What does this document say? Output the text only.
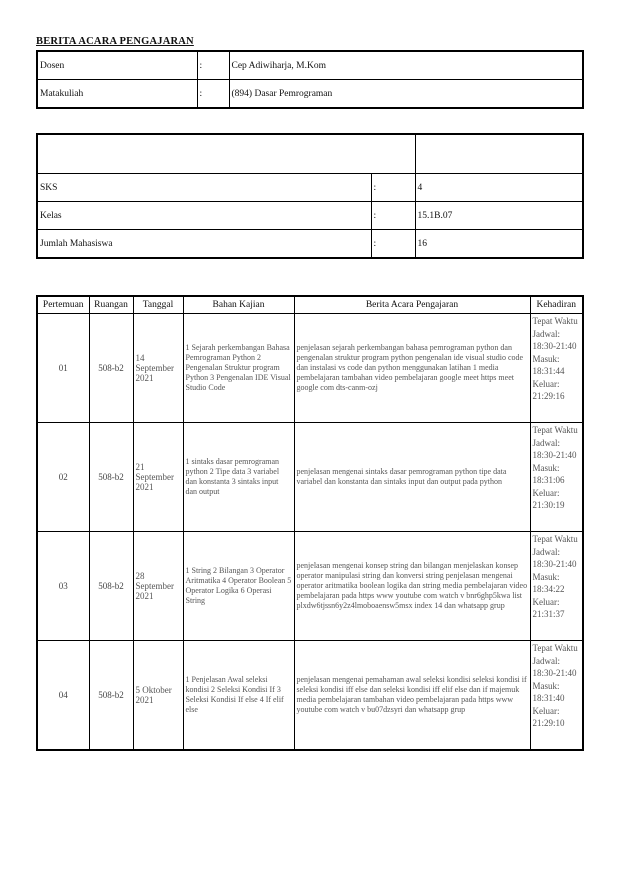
BERITA ACARA PENGAJARAN
Dosen	:	Cep Adiwiharja, M.Kom
Matakuliah	:	(894) Dasar Pemrograman

SKS	:	4
Kelas	:	15.1B.07
Jumlah Mahasiswa	:	16
Pertemuan	Ruangan	Tanggal	Bahan Kajian	Berita Acara Pengajaran	Kehadiran
01	508-b2	14 September 2021	1 Sejarah perkembangan Bahasa Pemrograman Python 2 Pengenalan Struktur program Python 3 Pengenalan IDE Visual Studio Code	penjelasan sejarah perkembangan bahasa pemrograman python dan pengenalan struktur program python pengenalan ide visual studio code dan instalasi vs code dan python menggunakan latihan 1 media pembelajaran tambahan video pembelajaran google meet https meet google com dts-canm-ozj	Tepat Waktu Jadwal: 18:30-21:40 Masuk: 18:31:44 Keluar: 21:29:16
02	508-b2	21 September 2021	1 sintaks dasar pemrograman python 2 Tipe data 3 variabel dan konstanta 3 sintaks input dan output	penjelasan mengenai sintaks dasar pemrograman python tipe data variabel dan konstanta dan sintaks input dan output pada python	Tepat Waktu Jadwal: 18:30-21:40 Masuk: 18:31:06 Keluar: 21:30:19
03	508-b2	28 September 2021	1 String 2 Bilangan 3 Operator Aritmatika 4 Operator Boolean 5 Operator Logika 6 Operasi String	penjelasan mengenai konsep string dan bilangan menjelaskan konsep operator manipulasi string dan konversi string penjelasan mengenai operator aritmatika boolean logika dan string media pembelajaran video pembelajaran pada https www youtube com watch v bnr6ghp5kwa list plxdw6tjssn6y2z4lmoboaensw5msx index 14 dan whatsapp grup	Tepat Waktu Jadwal: 18:30-21:40 Masuk: 18:34:22 Keluar: 21:31:37
04	508-b2	5 Oktober 2021	1 Penjelasan Awal seleksi kondisi 2 Seleksi Kondisi If 3 Seleksi Kondisi If else 4 If elif else	penjelasan mengenai pemahaman awal seleksi kondisi seleksi kondisi if seleksi kondisi iff else dan seleksi kondisi iff elif else dan if majemuk media pembelajaran tambahan video pembelajaran pada https www youtube com watch v bu07dzsyri dan whatsapp grup	Tepat Waktu Jadwal: 18:30-21:40 Masuk: 18:31:40 Keluar: 21:29:10
